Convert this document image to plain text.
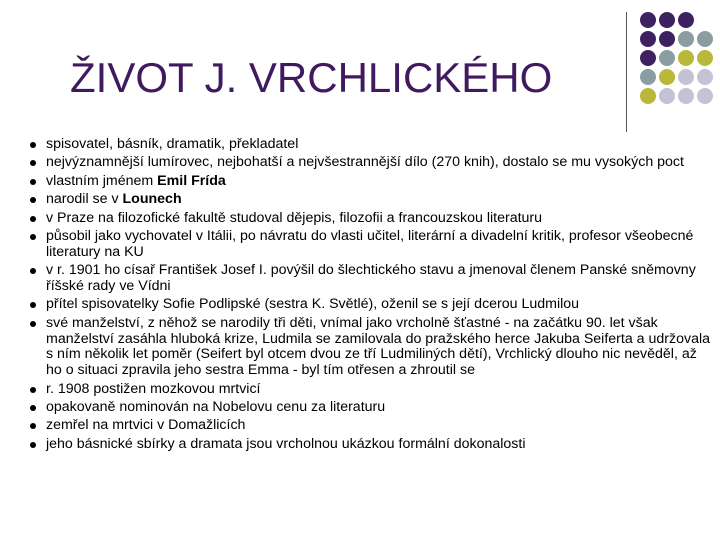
ŽIVOT J. VRCHLICKÉHO
spisovatel, básník, dramatik, překladatel
nejvýznamnější lumírovec, nejbohatší a nejvšestrannější dílo (270 knih), dostalo se mu vysokých poct
vlastním jménem Emil Frída
narodil se v Lounech
v Praze na filozofické fakultě studoval dějepis, filozofii a francouzskou literaturu
působil jako vychovatel v Itálii, po návratu do vlasti učitel, literární a divadelní kritik, profesor všeobecné literatury na KU
v r. 1901 ho císař František Josef I. povýšil do šlechtického stavu a jmenoval členem Panské sněmovny říšské rady ve Vídni
přítel spisovatelky Sofie Podlipské (sestra K. Světlé), oženil se s její dcerou Ludmilou
své manželství, z něhož se narodily tři děti, vnímal jako vrcholně šťastné - na začátku 90. let však manželství zasáhla hluboká krize, Ludmila se zamilovala do pražského herce Jakuba Seiferta a udržovala s ním několik let poměr (Seifert byl otcem dvou ze tří Ludmiliných dětí), Vrchlický dlouho nic nevěděl, až ho o situaci zpravila jeho sestra Emma - byl tím otřesen a zhroutil se
r. 1908 postižen mozkovou mrtvicí
opakovaně nominován na Nobelovu cenu za literaturu
zemřel na mrtvici v Domažlicích
jeho básnické sbírky a dramata jsou vrcholnou ukázkou formální dokonalosti
